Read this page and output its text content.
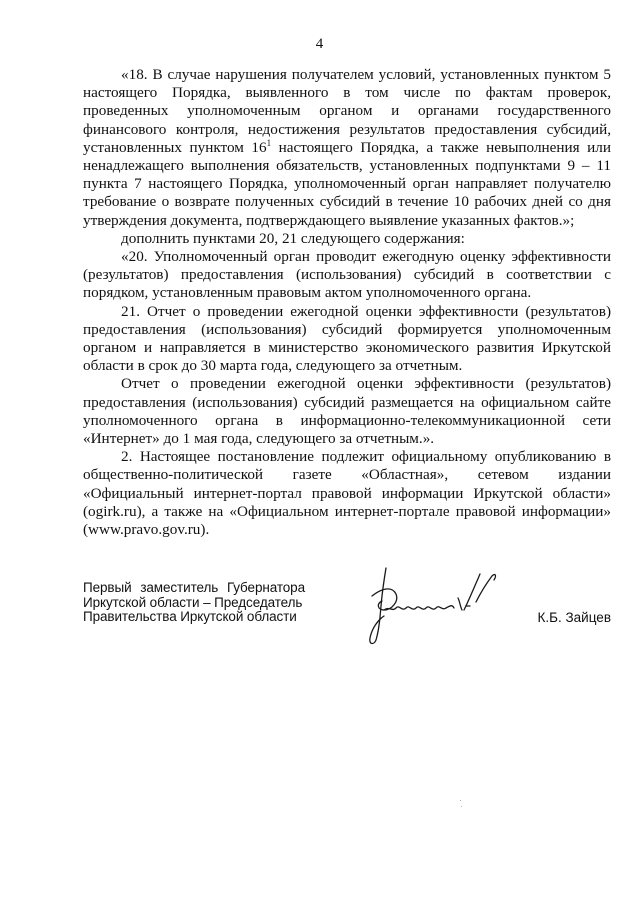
4

«18. В случае нарушения получателем условий, установленных пунктом 5 настоящего Порядка, выявленного в том числе по фактам проверок, проведенных уполномоченным органом и органами государственного финансового контроля, недостижения результатов предоставления субсидий, установленных пунктом $16^1$ настоящего Порядка, а также невыполнения или ненадлежащего выполнения обязательств, установленных подпунктами 9 – 11 пункта 7 настоящего Порядка, уполномоченный орган направляет получателю требование о возврате полученных субсидий в течение 10 рабочих дней со дня утверждения документа, подтверждающего выявление указанных фактов.»;

дополнить пунктами 20, 21 следующего содержания:

«20. Уполномоченный орган проводит ежегодную оценку эффективности (результатов) предоставления (использования) субсидий в соответствии с порядком, установленным правовым актом уполномоченного органа.

21. Отчет о проведении ежегодной оценки эффективности (результатов) предоставления (использования) субсидий формируется уполномоченным органом и направляется в министерство экономического развития Иркутской области в срок до 30 марта года, следующего за отчетным.

Отчет о проведении ежегодной оценки эффективности (результатов) предоставления (использования) субсидий размещается на официальном сайте уполномоченного органа в информационно-телекоммуникационной сети «Интернет» до 1 мая года, следующего за отчетным.».

2. Настоящее постановление подлежит официальному опубликованию в общественно-политической газете «Областная», сетевом издании «Официальный интернет-портал правовой информации Иркутской области» (ogirk.ru), а также на «Официальном интернет-портале правовой информации» (www.pravo.gov.ru).

Первый заместитель Губернатора
Иркутской области – Председатель
Правительства Иркутской области	К.Б. Зайцев
